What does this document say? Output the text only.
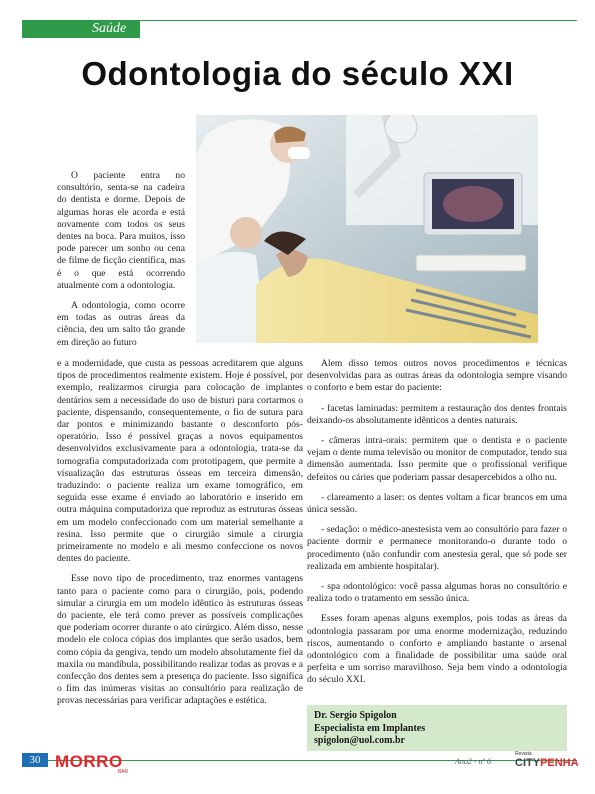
Saúde
Odontologia do século XXI

O paciente entra no consultório, senta-se na cadeira do dentista e dorme. Depois de algumas horas ele acorda e está novamente com todos os seus dentes na boca. Para muitos, isso pode parecer um sonho ou cena de filme de ficção científica, mas é o que está ocorrendo atualmente com a odontologia.

A odontologia, como ocorre em todas as outras áreas da ciência, deu um salto tão grande em direção ao futuro

e a modernidade, que custa as pessoas acreditarem que alguns tipos de procedimentos realmente existem. Hoje é possível, por exemplo, realizarmos cirurgia para colocação de implantes dentários sem a necessidade do uso de bisturi para cortarmos o paciente, dispensando, consequentemente, o fio de sutura para dar pontos e minimizando bastante o desconforto pós-operatório. Isso é possível graças a novos equipamentos desenvolvidos exclusivamente para a odontologia, trata-se da tomografia computadorizada com prototipagem, que permite a visualização das estruturas ósseas em terceira dimensão, traduzindo: o paciente realiza um exame tomográfico, em seguida esse exame é enviado ao laboratório e inserido em outra máquina computadoriza que reproduz as estruturas ósseas em um modelo confeccionado com um material semelhante a resina. Isso permite que o cirurgião simule a cirurgia primeiramente no modelo e ali mesmo confeccione os novos dentes do paciente.

Esse novo tipo de procedimento, traz enormes vantagens tanto para o paciente como para o cirurgião, pois, podendo simular a cirurgia em um modelo idêntico às estruturas ósseas do paciente, ele terá como prever as possíveis complicações que poderiam ocorrer durante o ato cirúrgico. Além disso, nesse modelo ele coloca cópias dos implantes que serão usados, bem como cópia da gengiva, tendo um modelo absolutamente fiel da maxila ou mandíbula, possibilitando realizar todas as provas e a confecção dos dentes sem a presença do paciente. Isso significa o fim das inúmeras visitas ao consultório para realização de provas necessárias para verificar adaptações e estética.

Alem disso temos outros novos procedimentos e técnicas desenvolvidas para as outras áreas da odontologia sempre visando o conforto e bem estar do paciente:

- facetas laminadas: permitem a restauração dos dentes frontais deixando-os absolutamente idênticos a dentes naturais.

- câmeras intra-orais: permitem que o dentista e o paciente vejam o dente numa televisão ou monitor de computador, tendo sua dimensão aumentada. Isso permite que o profissional verifique defeitos ou cáries que poderiam passar desapercebidos a olho nu.

- clareamento a laser: os dentes voltam a ficar brancos em uma única sessão.

- sedação: o médico-anestesista vem ao consultório para fazer o paciente dormir e permanece monitorando-o durante todo o procedimento (não confundir com anestesia geral, que só pode ser realizada em ambiente hospitalar).

- spa odontológico: você passa algumas horas no consultório e realiza todo o tratamento em sessão única.

Esses foram apenas alguns exemplos, pois todas as áreas da odontologia passaram por uma enorme modernização, reduzindo riscos, aumentando o conforto e ampliando bastante o arsenal odontológico com a finalidade de possibilitar uma saúde oral perfeita e um sorriso maravilhoso. Seja bem vindo a odontologia do século XXI.

Dr. Sergio Spigolon
Especialista em Implantes
spigolon@uol.com.br
30 MORRO
BAR
Ano2 - nº 6
Revista
CITYPENHA
